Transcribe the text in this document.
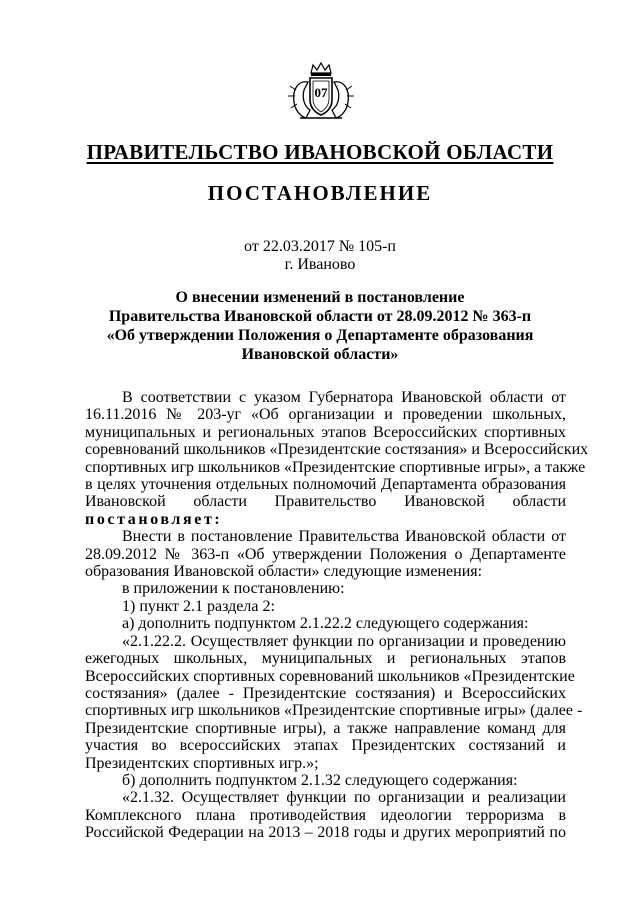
07
ПРАВИТЕЛЬСТВО ИВАНОВСКОЙ ОБЛАСТИ
ПОСТАНОВЛЕНИЕ
от 22.03.2017 № 105-п
г. Иваново
О внесении изменений в постановление
Правительства Ивановской области от 28.09.2012 № 363-п
«Об утверждении Положения о Департаменте образования
Ивановской области»
В соответствии с указом Губернатора Ивановской области от
16.11.2016 № 203-уг «Об организации и проведении школьных,
муниципальных и региональных этапов Всероссийских спортивных
соревнований школьников «Президентские состязания» и Всероссийских
спортивных игр школьников «Президентские спортивные игры», а также
в целях уточнения отдельных полномочий Департамента образования
Ивановской области Правительство Ивановской области
постановляет:
Внести в постановление Правительства Ивановской области от
28.09.2012 № 363-п «Об утверждении Положения о Департаменте
образования Ивановской области» следующие изменения:
в приложении к постановлению:
1) пункт 2.1 раздела 2:
а) дополнить подпунктом 2.1.22.2 следующего содержания:
«2.1.22.2. Осуществляет функции по организации и проведению
ежегодных школьных, муниципальных и региональных этапов
Всероссийских спортивных соревнований школьников «Президентские
состязания» (далее - Президентские состязания) и Всероссийских
спортивных игр школьников «Президентские спортивные игры» (далее -
Президентские спортивные игры), а также направление команд для
участия во всероссийских этапах Президентских состязаний и
Президентских спортивных игр.»;
б) дополнить подпунктом 2.1.32 следующего содержания:
«2.1.32. Осуществляет функции по организации и реализации
Комплексного плана противодействия идеологии терроризма в
Российской Федерации на 2013 – 2018 годы и других мероприятий по
